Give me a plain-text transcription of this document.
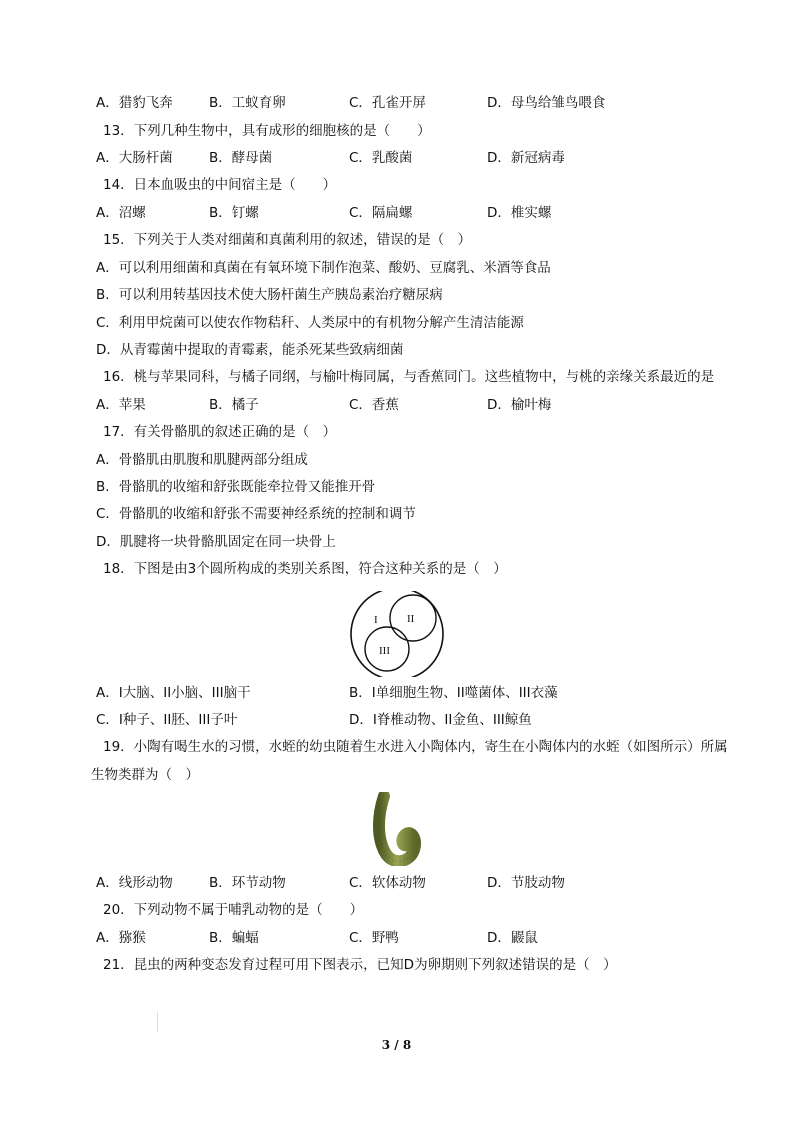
A．猎豹飞奔	B．工蚁育卵	C．孔雀开屏	D．母鸟给雏鸟喂食
13．下列几种生物中，具有成形的细胞核的是（　　）
A．大肠杆菌	B．酵母菌	C．乳酸菌	D．新冠病毒
14．日本血吸虫的中间宿主是（　　）
A．沼螺	B．钉螺	C．隔扁螺	D．椎实螺
15．下列关于人类对细菌和真菌利用的叙述，错误的是（　）
A．可以利用细菌和真菌在有氧环境下制作泡菜、酸奶、豆腐乳、米酒等食品
B．可以利用转基因技术使大肠杆菌生产胰岛素治疗糖尿病
C．利用甲烷菌可以使农作物秸秆、人类尿中的有机物分解产生清洁能源
D．从青霉菌中提取的青霉素，能杀死某些致病细菌
16．桃与苹果同科，与橘子同纲，与榆叶梅同属，与香蕉同门。这些植物中，与桃的亲缘关系最近的是
A．苹果	B．橘子	C．香蕉	D．榆叶梅
17．有关骨骼肌的叙述正确的是（　）
A．骨骼肌由肌腹和肌腱两部分组成
B．骨骼肌的收缩和舒张既能牵拉骨又能推开骨
C．骨骼肌的收缩和舒张不需要神经系统的控制和调节
D．肌腱将一块骨骼肌固定在同一块骨上
18．下图是由3个圆所构成的类别关系图，符合这种关系的是（　）
I	II
III
A．I大脑、II小脑、III脑干	B．I单细胞生物、II噬菌体、III衣藻
C．I种子、II胚、III子叶	D．I脊椎动物、II金鱼、III鲸鱼
19．小陶有喝生水的习惯，水蛭的幼虫随着生水进入小陶体内，寄生在小陶体内的水蛭（如图所示）所属
生物类群为（　）
A．线形动物	B．环节动物	C．软体动物	D．节肢动物
20．下列动物不属于哺乳动物的是（　　）
A．猕猴	B．蝙蝠	C．野鸭	D．鼹鼠
21．昆虫的两种变态发育过程可用下图表示，已知D为卵期则下列叙述错误的是（　）
3 / 8
